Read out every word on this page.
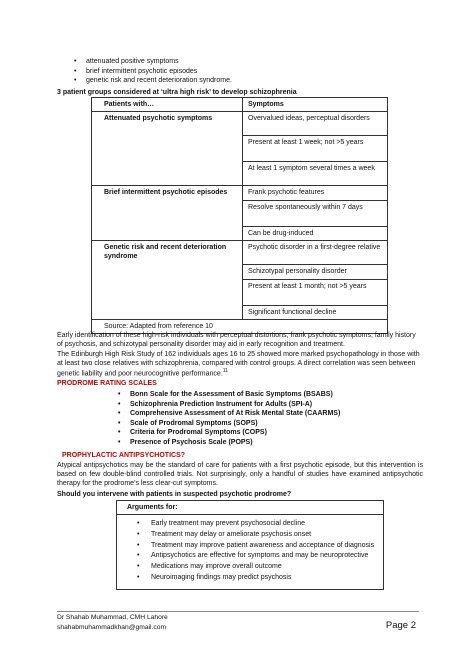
• attenuated positive symptoms
• brief intermittent psychotic episodes
• genetic risk and recent deterioration syndrome.
3 patient groups considered at ‘ultra high risk’ to develop schizophrenia
Patients with…	Symptoms
Attenuated psychotic symptoms	Overvalued ideas, perceptual disorders
	Present at least 1 week; not >5 years
	At least 1 symptom several times a week
Brief intermittent psychotic episodes	Frank psychotic features
	Resolve spontaneously within 7 days
	Can be drug-induced
Genetic risk and recent deterioration syndrome	Psychotic disorder in a first-degree relative
	Schizotypal personality disorder
	Present at least 1 month; not >5 years
	Significant functional decline
Source: Adapted from reference 10	

Early identification of these high-risk individuals with perceptual distortions, frank psychotic symptoms, family history of psychosis, and schizotypal personality disorder may aid in early recognition and treatment.

The Edinburgh High Risk Study of 162 individuals ages 16 to 25 showed more marked psychopathology in those with at least two close relatives with schizophrenia, compared with control groups. A direct correlation was seen between genetic liability and poor neurocognitive performance.$^{11}$

PRODROME RATING SCALES
• Bonn Scale for the Assessment of Basic Symptoms (BSABS)
• Schizophrenia Prediction Instrument for Adults (SPI-A)
• Comprehensive Assessment of At Risk Mental State (CAARMS)
• Scale of Prodromal Symptoms (SOPS)
• Criteria for Prodromal Symptoms (COPS)
• Presence of Psychosis Scale (POPS)
PROPHYLACTIC ANTIPSYCHOTICS?

Atypical antipsychotics may be the standard of care for patients with a first psychotic episode, but this intervention is based on few double-blind controlled trials. Not surprisingly, only a handful of studies have examined antipsychotic therapy for the prodrome’s less clear-cut symptoms.

Should you intervene with patients in suspected psychotic prodrome?
Arguments for:

• Early treatment may prevent psychosocial decline
• Treatment may delay or ameliorate psychosis onset
• Treatment may improve patient awareness and acceptance of diagnosis
• Antipsychotics are effective for symptoms and may be neuroprotective
• Medications may improve overall outcome
• Neuroimaging findings may predict psychosis
Dr Shahab Muhammad, CMH Lahore
shahabmuhammadkhan@gmail.com	Page 2
